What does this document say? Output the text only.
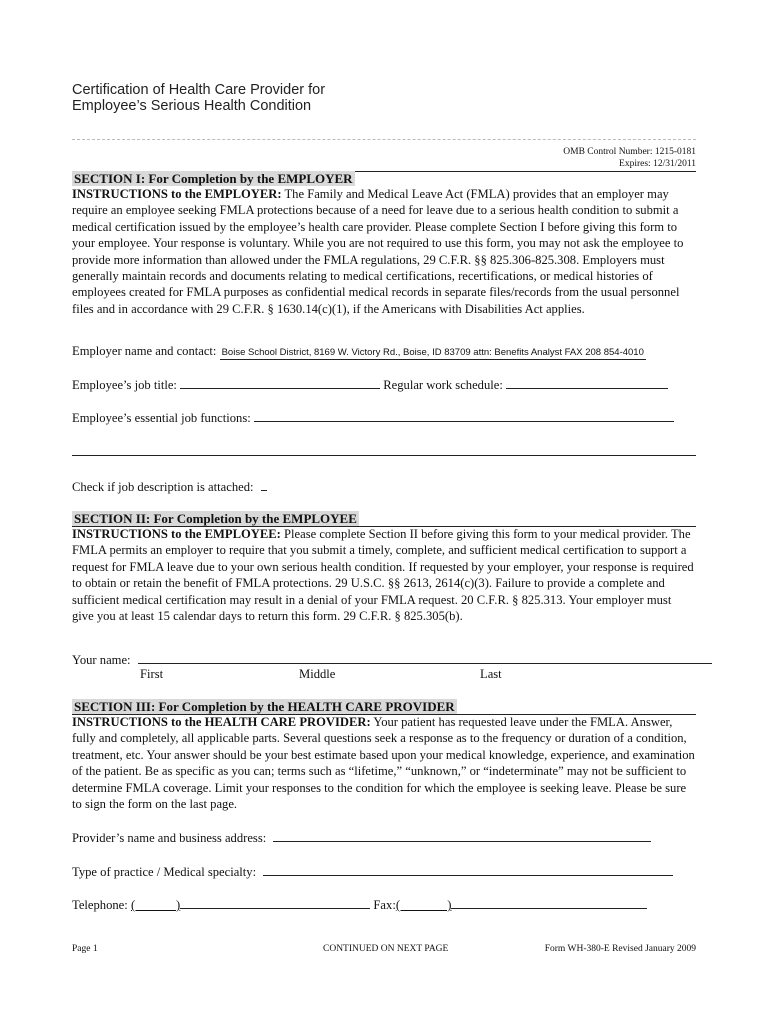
Certification of Health Care Provider for
Employee’s Serious Health Condition
OMB Control Number: 1215-0181
Expires: 12/31/2011
SECTION I: For Completion by the EMPLOYER
INSTRUCTIONS to the EMPLOYER: The Family and Medical Leave Act (FMLA) provides that an employer may require an employee seeking FMLA protections because of a need for leave due to a serious health condition to submit a medical certification issued by the employee’s health care provider. Please complete Section I before giving this form to your employee. Your response is voluntary. While you are not required to use this form, you may not ask the employee to provide more information than allowed under the FMLA regulations, 29 C.F.R. §§ 825.306-825.308. Employers must generally maintain records and documents relating to medical certifications, recertifications, or medical histories of employees created for FMLA purposes as confidential medical records in separate files/records from the usual personnel files and in accordance with 29 C.F.R. § 1630.14(c)(1), if the Americans with Disabilities Act applies.
Employer name and contact: Boise School District, 8169 W. Victory Rd., Boise, ID 83709 attn: Benefits Analyst FAX 208 854-4010
Employee’s job title:	Regular work schedule:
Employee’s essential job functions:
Check if job description is attached:
SECTION II: For Completion by the EMPLOYEE
INSTRUCTIONS to the EMPLOYEE: Please complete Section II before giving this form to your medical provider. The FMLA permits an employer to require that you submit a timely, complete, and sufficient medical certification to support a request for FMLA leave due to your own serious health condition. If requested by your employer, your response is required to obtain or retain the benefit of FMLA protections. 29 U.S.C. §§ 2613, 2614(c)(3). Failure to provide a complete and sufficient medical certification may result in a denial of your FMLA request. 20 C.F.R. § 825.313. Your employer must give you at least 15 calendar days to return this form. 29 C.F.R. § 825.305(b).
Your name:
First	Middle	Last
SECTION III: For Completion by the HEALTH CARE PROVIDER
INSTRUCTIONS to the HEALTH CARE PROVIDER: Your patient has requested leave under the FMLA. Answer, fully and completely, all applicable parts. Several questions seek a response as to the frequency or duration of a condition, treatment, etc. Your answer should be your best estimate based upon your medical knowledge, experience, and examination of the patient. Be as specific as you can; terms such as “lifetime,” “unknown,” or “indeterminate” may not be sufficient to determine FMLA coverage. Limit your responses to the condition for which the employee is seeking leave. Please be sure to sign the form on the last page.
Provider’s name and business address:
Type of practice / Medical specialty:
Telephone: (             )	Fax:(               )
Page 1	CONTINUED ON NEXT PAGE	Form WH-380-E Revised January 2009
